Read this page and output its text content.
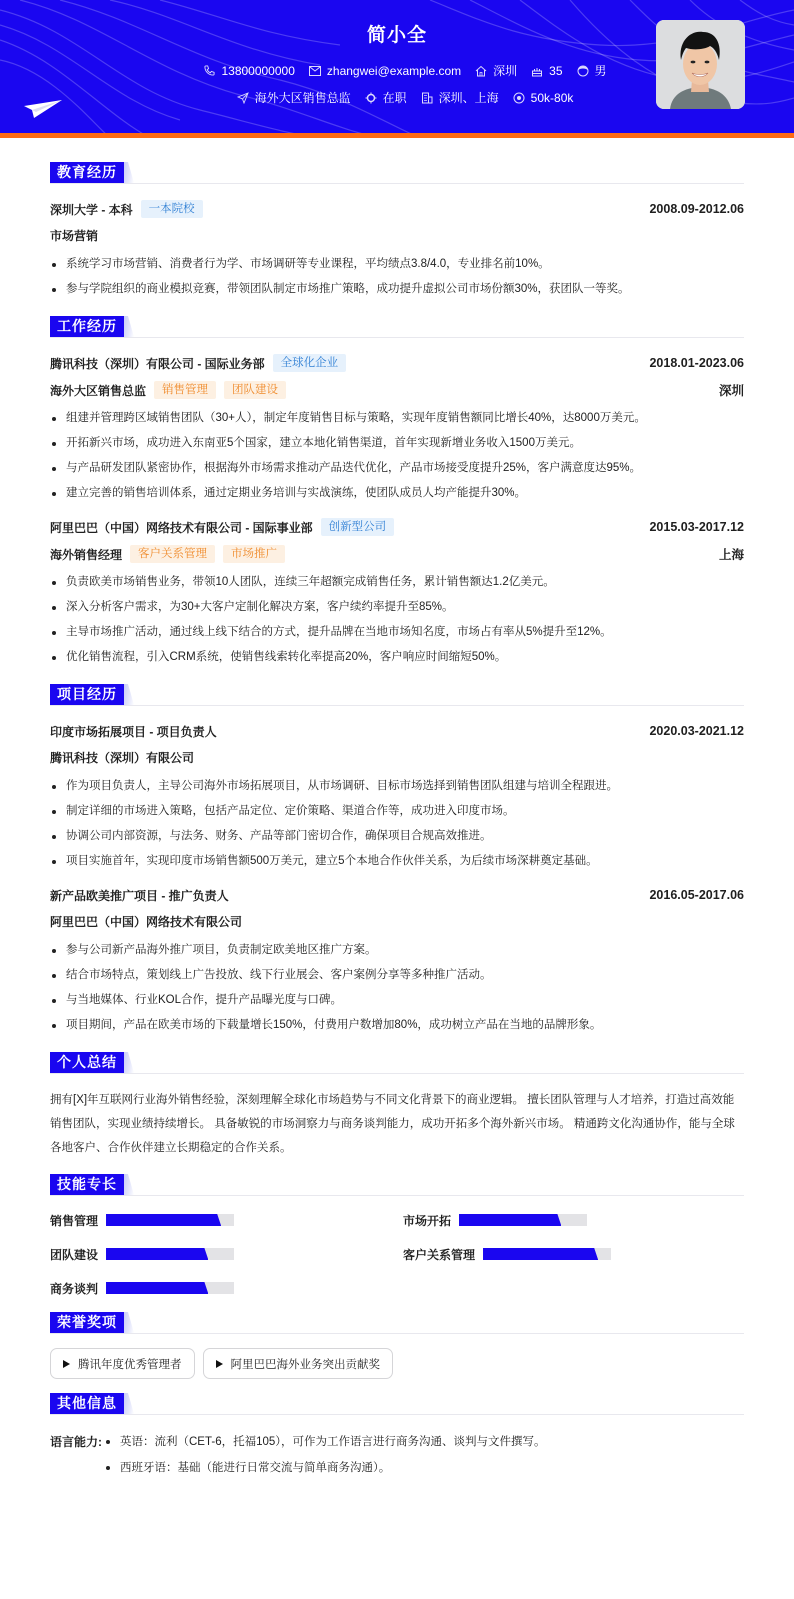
简小全
13800000000	zhangwei@example.com	深圳	35	男
海外大区销售总监	在职	深圳、上海	50k-80k
教育经历
深圳大学 - 本科	一本院校	2008.09-2012.06
市场营销
系统学习市场营销、消费者行为学、市场调研等专业课程，平均绩点3.8/4.0，专业排名前10%。
参与学院组织的商业模拟竞赛，带领团队制定市场推广策略，成功提升虚拟公司市场份额30%，获团队一等奖。
工作经历
腾讯科技（深圳）有限公司 - 国际业务部	全球化企业	2018.01-2023.06
海外大区销售总监	销售管理	团队建设	深圳
组建并管理跨区域销售团队（30+人），制定年度销售目标与策略，实现年度销售额同比增长40%，达8000万美元。
开拓新兴市场，成功进入东南亚5个国家，建立本地化销售渠道，首年实现新增业务收入1500万美元。
与产品研发团队紧密协作，根据海外市场需求推动产品迭代优化，产品市场接受度提升25%，客户满意度达95%。
建立完善的销售培训体系，通过定期业务培训与实战演练，使团队成员人均产能提升30%。
阿里巴巴（中国）网络技术有限公司 - 国际事业部	创新型公司	2015.03-2017.12
海外销售经理	客户关系管理	市场推广	上海
负责欧美市场销售业务，带领10人团队，连续三年超额完成销售任务，累计销售额达1.2亿美元。
深入分析客户需求，为30+大客户定制化解决方案，客户续约率提升至85%。
主导市场推广活动，通过线上线下结合的方式，提升品牌在当地市场知名度，市场占有率从5%提升至12%。
优化销售流程，引入CRM系统，使销售线索转化率提高20%，客户响应时间缩短50%。
项目经历
印度市场拓展项目 - 项目负责人	2020.03-2021.12
腾讯科技（深圳）有限公司
作为项目负责人，主导公司海外市场拓展项目，从市场调研、目标市场选择到销售团队组建与培训全程跟进。
制定详细的市场进入策略，包括产品定位、定价策略、渠道合作等，成功进入印度市场。
协调公司内部资源，与法务、财务、产品等部门密切合作，确保项目合规高效推进。
项目实施首年，实现印度市场销售额500万美元，建立5个本地合作伙伴关系，为后续市场深耕奠定基础。
新产品欧美推广项目 - 推广负责人	2016.05-2017.06
阿里巴巴（中国）网络技术有限公司
参与公司新产品海外推广项目，负责制定欧美地区推广方案。
结合市场特点，策划线上广告投放、线下行业展会、客户案例分享等多种推广活动。
与当地媒体、行业KOL合作，提升产品曝光度与口碑。
项目期间，产品在欧美市场的下载量增长150%，付费用户数增加80%，成功树立产品在当地的品牌形象。
个人总结

拥有[X]年互联网行业海外销售经验，深刻理解全球化市场趋势与不同文化背景下的商业逻辑。 擅长团队管理与人才培养，打造过高效能销售团队，实现业绩持续增长。 具备敏锐的市场洞察力与商务谈判能力，成功开拓多个海外新兴市场。 精通跨文化沟通协作，能与全球各地客户、合作伙伴建立长期稳定的合作关系。

技能专长
销售管理	市场开拓
团队建设	客户关系管理
商务谈判
荣誉奖项
腾讯年度优秀管理者	阿里巴巴海外业务突出贡献奖
其他信息
语言能力:	英语：流利（CET-6，托福105），可作为工作语言进行商务沟通、谈判与文件撰写。
西班牙语：基础（能进行日常交流与简单商务沟通）。
